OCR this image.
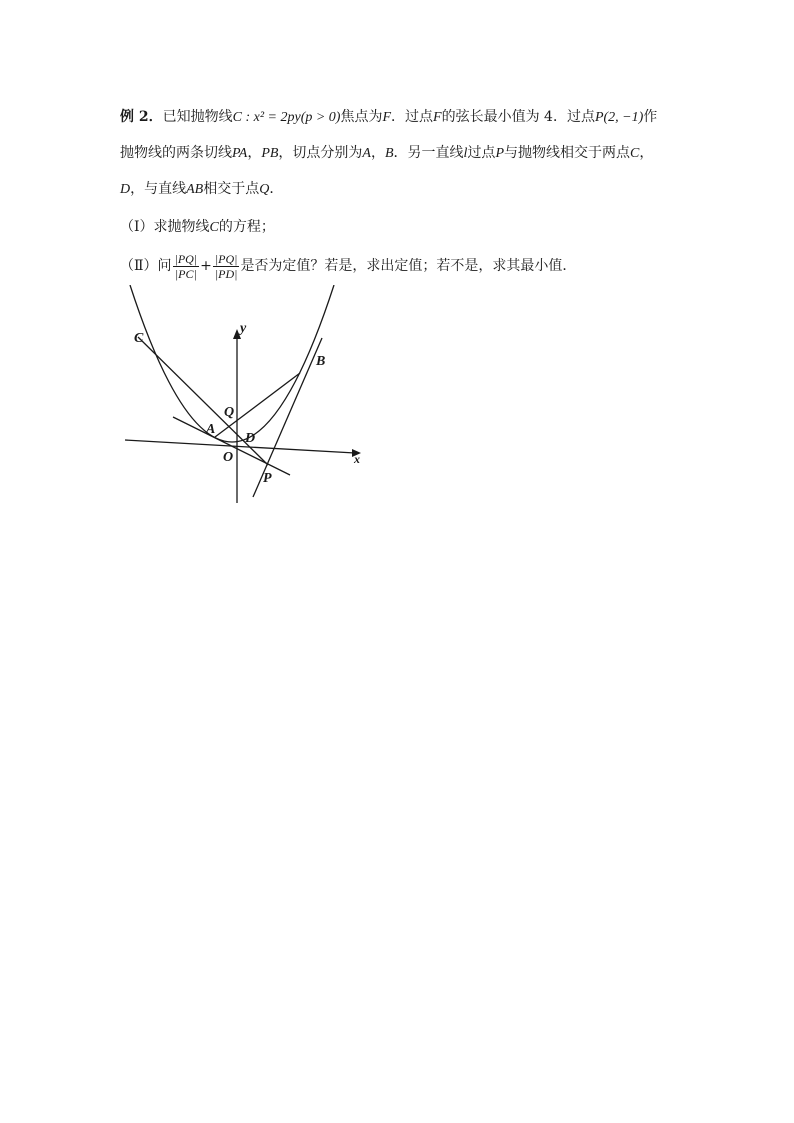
例 2．已知抛物线C : x² = 2py(p > 0)焦点为F．过点F的弦长最小值为 4．过点P(2, −1)作
抛物线的两条切线PA，PB，切点分别为A，B．另一直线l过点P与抛物线相交于两点C，
D，与直线AB相交于点Q．
（Ⅰ）求抛物线C的方程；
（Ⅱ）问 $\frac{|PQ|}{|PC|} + \frac{|PQ|}{|PD|}$ 是否为定值？若是，求出定值；若不是，求其最小值．
C
B
Q
A
D
O
P
y
x
